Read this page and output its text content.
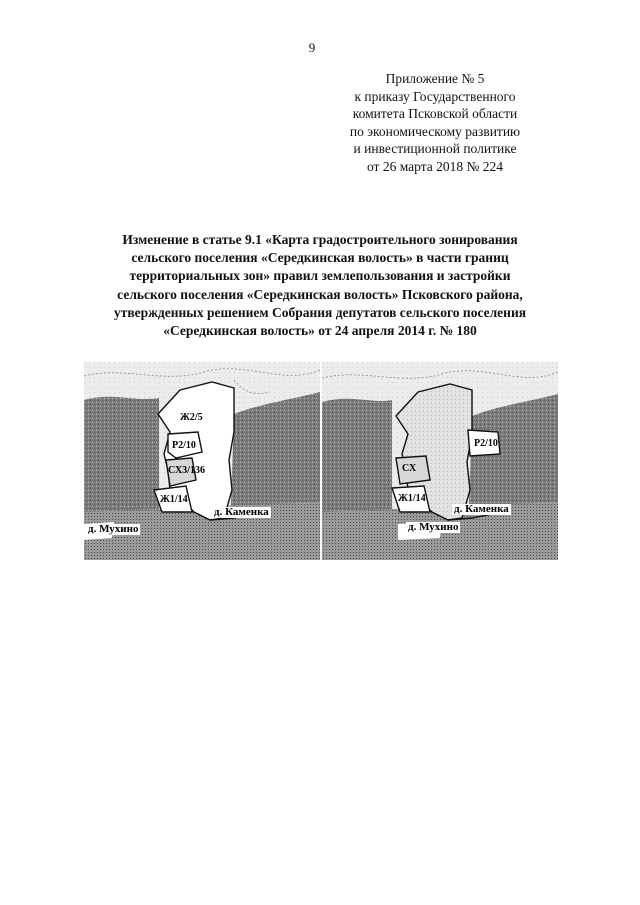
9
Приложение № 5
к приказу Государственного
комитета Псковской области
по экономическому развитию
и инвестиционной политике
от 26 марта 2018 № 224
Изменение в статье 9.1 «Карта градостроительного зонирования
сельского поселения «Середкинская волость» в части границ
территориальных зон» правил землепользования и застройки
сельского поселения «Середкинская волость» Псковского района,
утвержденных решением Собрания депутатов сельского поселения
«Середкинская волость» от 24 апреля 2014 г. № 180
Ж2/5
Р2/10
СХ3/136
Ж1/14
д. Каменка
д. Мухино
Р2/10
СХ
Ж1/14
д. Каменка
д. Мухино
